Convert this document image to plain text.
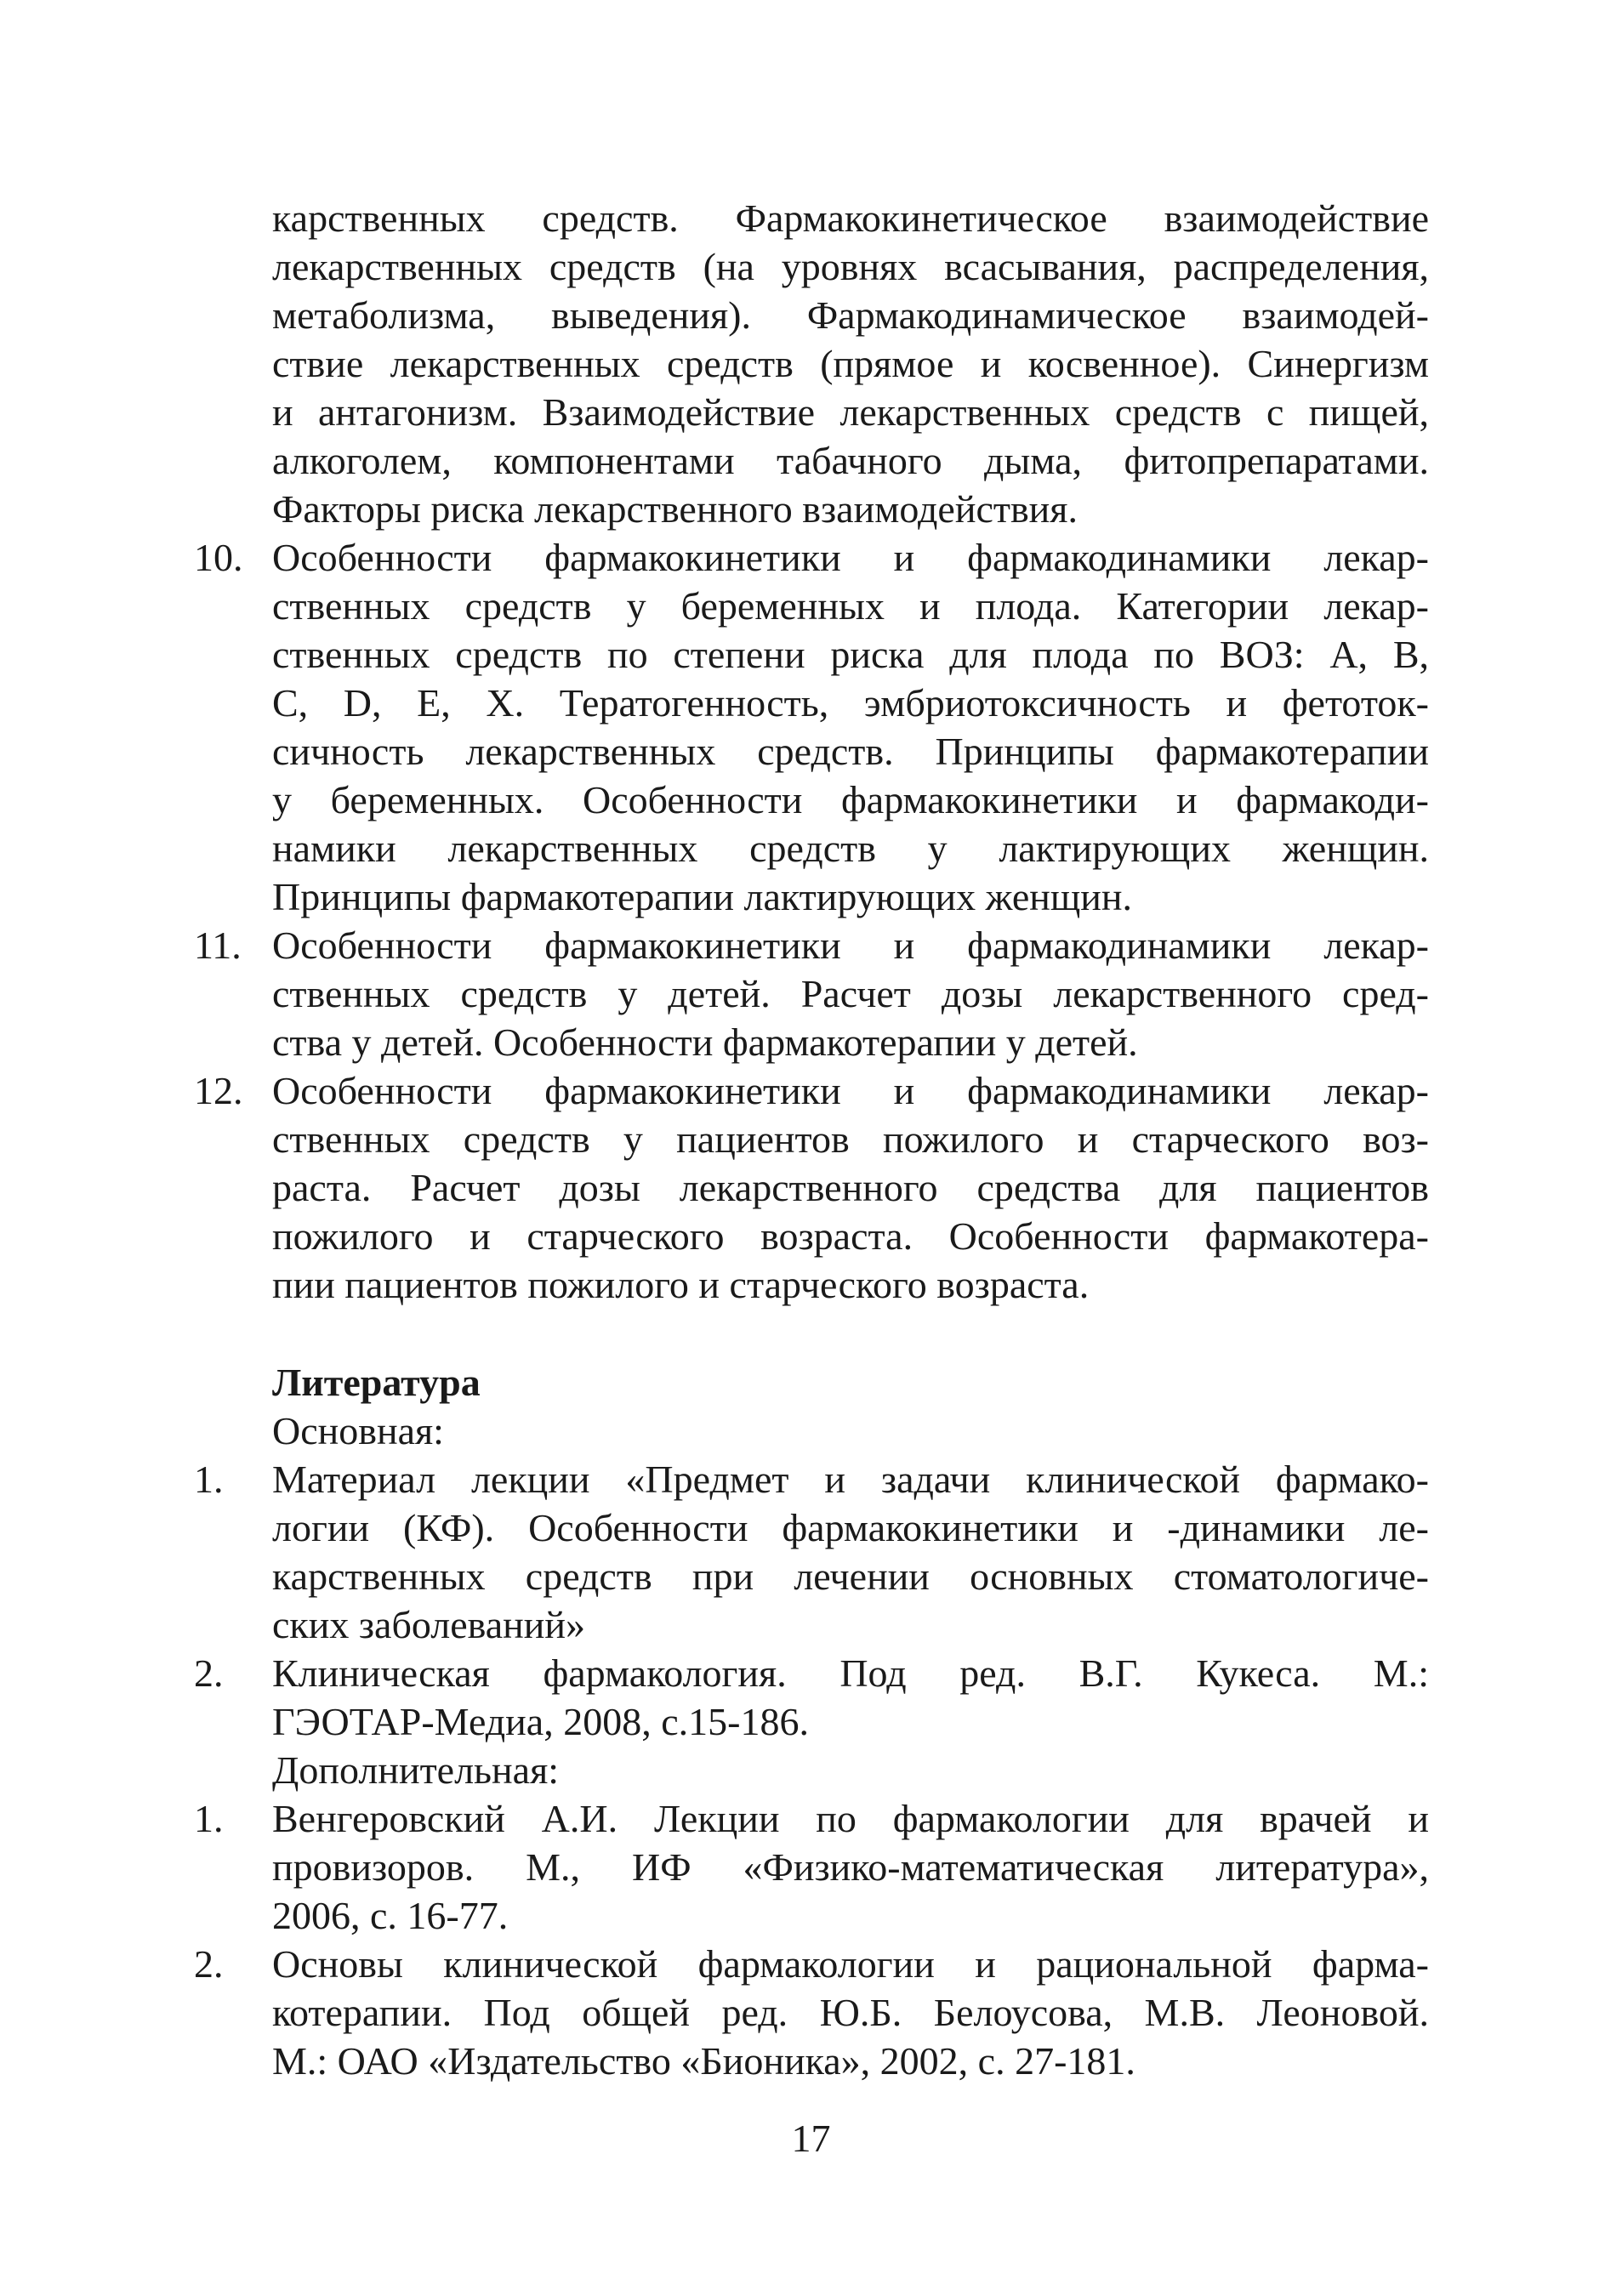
карственных средств. Фармакокинетическое взаимодействие
лекарственных средств (на уровнях всасывания, распределения,
метаболизма, выведения). Фармакодинамическое взаимодей-
ствие лекарственных средств (прямое и косвенное). Синергизм
и антагонизм. Взаимодействие лекарственных средств с пищей,
алкоголем, компонентами табачного дыма, фитопрепаратами.
Факторы риска лекарственного взаимодействия.
10. Особенности фармакокинетики и фармакодинамики лекар-
ственных средств у беременных и плода. Категории лекар-
ственных средств по степени риска для плода по ВОЗ: A, B,
C, D, E, X. Тератогенность, эмбриотоксичность и фетоток-
сичность лекарственных средств. Принципы фармакотерапии
у беременных. Особенности фармакокинетики и фармакоди-
намики лекарственных средств у лактирующих женщин.
Принципы фармакотерапии лактирующих женщин.
11. Особенности фармакокинетики и фармакодинамики лекар-
ственных средств у детей. Расчет дозы лекарственного сред-
ства у детей. Особенности фармакотерапии у детей.
12. Особенности фармакокинетики и фармакодинамики лекар-
ственных средств у пациентов пожилого и старческого воз-
раста. Расчет дозы лекарственного средства для пациентов
пожилого и старческого возраста. Особенности фармакотера-
пии пациентов пожилого и старческого возраста.
Литература
Основная:
1.	Материал лекции «Предмет и задачи клинической фармако-
логии (КФ). Особенности фармакокинетики и -динамики ле-
карственных средств при лечении основных стоматологиче-
ских заболеваний»
2.	Клиническая фармакология. Под ред. В.Г. Кукеса. М.:
ГЭОТАР-Медиа, 2008, с.15-186.
Дополнительная:
1.	Венгеровский А.И. Лекции по фармакологии для врачей и
провизоров. М., ИФ «Физико-математическая литература»,
2006, с. 16-77.
2.	Основы клинической фармакологии и рациональной фарма-
котерапии. Под общей ред. Ю.Б. Белоусова, М.В. Леоновой.
М.: ОАО «Издательство «Бионика», 2002, с. 27-181.
17
